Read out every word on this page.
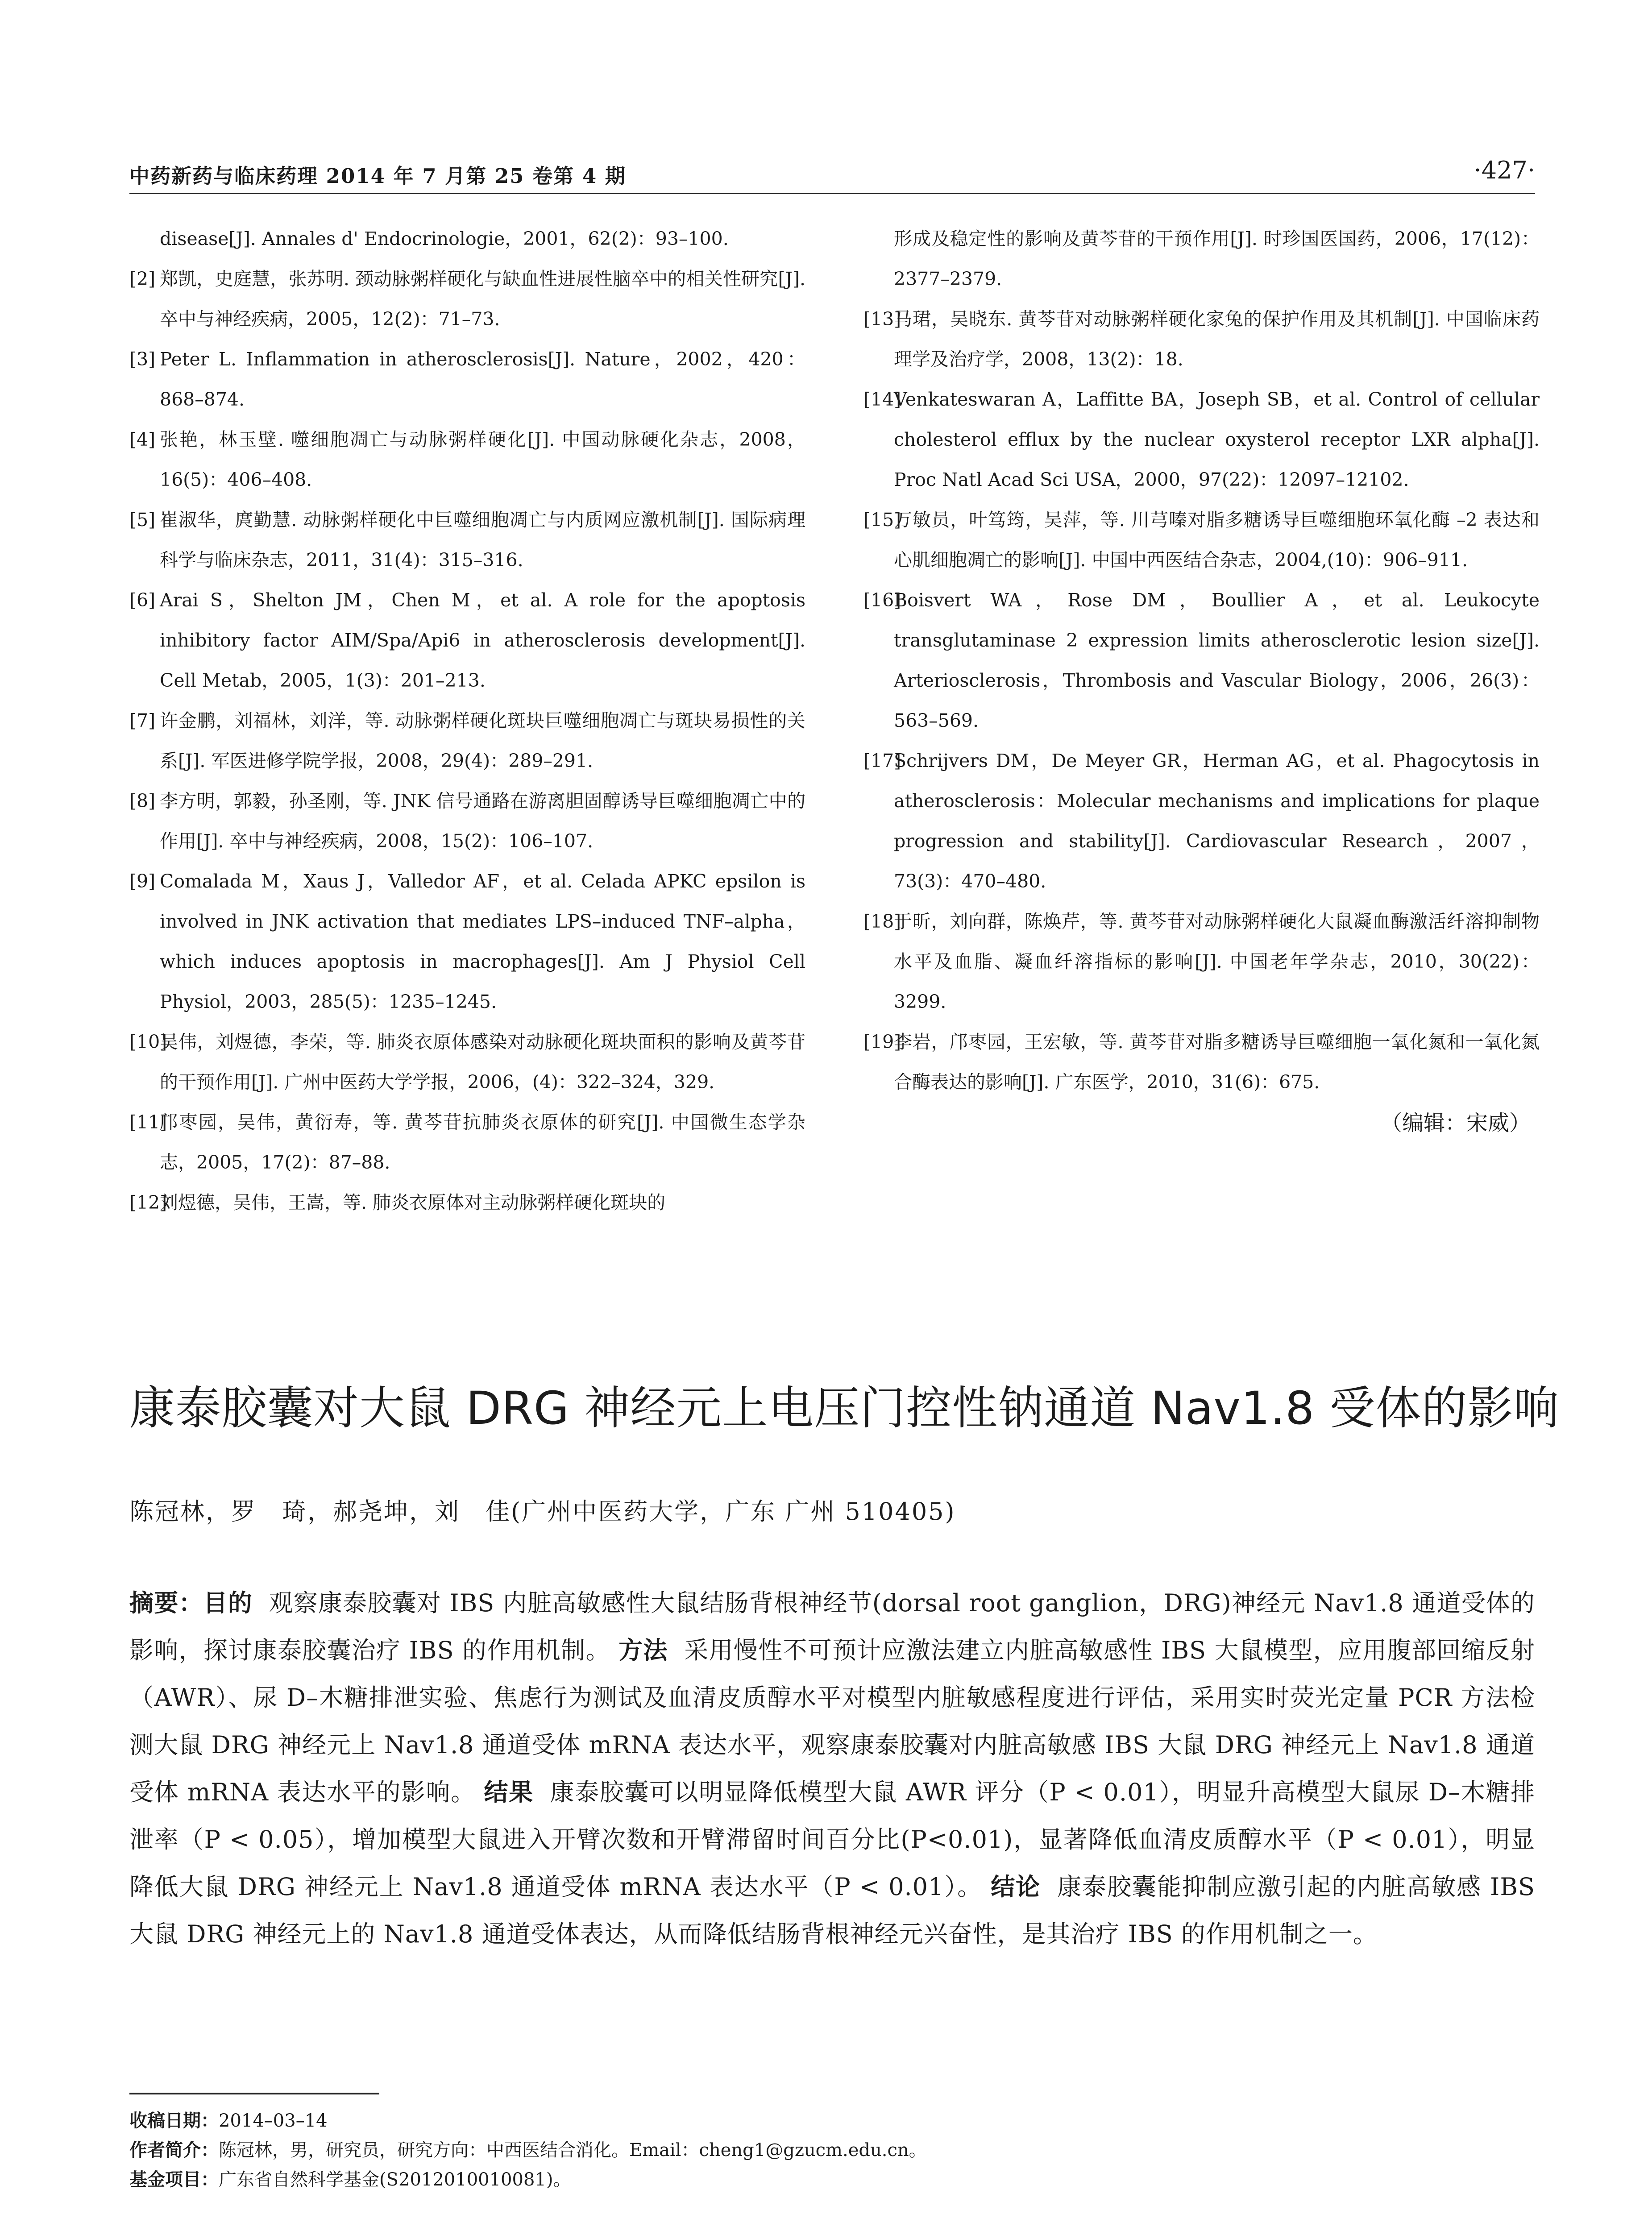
中药新药与临床药理 2014 年 7 月第 25 卷第 4 期	·427·
disease[J]. Annales d' Endocrinologie，2001，62(2)：93–100.
[2] 郑凯，史庭慧，张苏明. 颈动脉粥样硬化与缺血性进展性脑卒中的相关性研究[J]. 卒中与神经疾病，2005，12(2)：71–73.
[3] Peter L. Inflammation in atherosclerosis[J]. Nature，2002，420：868–874.
[4] 张艳，林玉壁. 噬细胞凋亡与动脉粥样硬化[J]. 中国动脉硬化杂志，2008，16(5)：406–408.
[5] 崔淑华，庹勤慧. 动脉粥样硬化中巨噬细胞凋亡与内质网应激机制[J]. 国际病理科学与临床杂志，2011，31(4)：315–316.
[6] Arai S，Shelton JM，Chen M，et al. A role for the apoptosis inhibitory factor AIM/Spa/Api6 in atherosclerosis development[J]. Cell Metab，2005，1(3)：201–213.
[7] 许金鹏，刘福林，刘洋，等. 动脉粥样硬化斑块巨噬细胞凋亡与斑块易损性的关系[J]. 军医进修学院学报，2008，29(4)：289–291.
[8] 李方明，郭毅，孙圣刚，等. JNK 信号通路在游离胆固醇诱导巨噬细胞凋亡中的作用[J]. 卒中与神经疾病，2008，15(2)：106–107.
[9] Comalada M，Xaus J，Valledor AF，et al. Celada APKC epsilon is involved in JNK activation that mediates LPS–induced TNF–alpha，which induces apoptosis in macrophages[J]. Am J Physiol Cell Physiol，2003，285(5)：1235–1245.
[10]
吴伟，刘煜德，李荣，等. 肺炎衣原体感染对动脉硬化斑块面积的影响及黄芩苷的干预作用[J]. 广州中医药大学学报，2006，(4)：322–324，329.
[11]
邝枣园，吴伟，黄衍寿，等. 黄芩苷抗肺炎衣原体的研究[J]. 中国微生态学杂志，2005，17(2)：87–88.
[12]
刘煜德，吴伟，王嵩，等. 肺炎衣原体对主动脉粥样硬化斑块的
形成及稳定性的影响及黄芩苷的干预作用[J]. 时珍国医国药，2006，17(12)：2377–2379.
[13]
马珺，吴晓东. 黄芩苷对动脉粥样硬化家兔的保护作用及其机制[J]. 中国临床药理学及治疗学，2008，13(2)：18.
[14]
Venkateswaran A，Laffitte BA，Joseph SB，et al. Control of cellular cholesterol efflux by the nuclear oxysterol receptor LXR alpha[J]. Proc Natl Acad Sci USA，2000，97(22)：12097–12102.
[15]
万敏员，叶笃筠，吴萍，等. 川芎嗪对脂多糖诱导巨噬细胞环氧化酶 –2 表达和心肌细胞凋亡的影响[J]. 中国中西医结合杂志，2004,(10)：906–911.
[16]
Boisvert WA，Rose DM，Boullier A，et al. Leukocyte transglutaminase 2 expression limits atherosclerotic lesion size[J]. Arteriosclerosis，Thrombosis and Vascular Biology，2006，26(3)：563–569.
[17]
Schrijvers DM，De Meyer GR，Herman AG，et al. Phagocytosis in atherosclerosis：Molecular mechanisms and implications for plaque progression and stability[J]. Cardiovascular Research，2007，73(3)：470–480.
[18]
于昕，刘向群，陈焕芹，等. 黄芩苷对动脉粥样硬化大鼠凝血酶激活纤溶抑制物水平及血脂、凝血纤溶指标的影响[J]. 中国老年学杂志，2010，30(22)：3299.
[19]
李岩，邝枣园，王宏敏，等. 黄芩苷对脂多糖诱导巨噬细胞一氧化氮和一氧化氮合酶表达的影响[J]. 广东医学，2010，31(6)：675.
（编辑：宋威）
康泰胶囊对大鼠 DRG 神经元上电压门控性钠通道 Nav1.8 受体的影响
陈冠林，罗　琦，郝尧坤，刘　佳(广州中医药大学，广东 广州 510405)
摘要：目的 观察康泰胶囊对 IBS 内脏高敏感性大鼠结肠背根神经节(dorsal root ganglion，DRG)神经元 Nav1.8 通道受体的影响，探讨康泰胶囊治疗 IBS 的作用机制。 方法 采用慢性不可预计应激法建立内脏高敏感性 IBS 大鼠模型，应用腹部回缩反射（AWR）、尿 D–木糖排泄实验、焦虑行为测试及血清皮质醇水平对模型内脏敏感程度进行评估，采用实时荧光定量 PCR 方法检测大鼠 DRG 神经元上 Nav1.8 通道受体 mRNA 表达水平，观察康泰胶囊对内脏高敏感 IBS 大鼠 DRG 神经元上 Nav1.8 通道受体 mRNA 表达水平的影响。 结果 康泰胶囊可以明显降低模型大鼠 AWR 评分（P < 0.01），明显升高模型大鼠尿 D–木糖排泄率（P < 0.05），增加模型大鼠进入开臂次数和开臂滞留时间百分比(P<0.01)，显著降低血清皮质醇水平（P < 0.01），明显降低大鼠 DRG 神经元上 Nav1.8 通道受体 mRNA 表达水平（P < 0.01）。 结论 康泰胶囊能抑制应激引起的内脏高敏感 IBS 大鼠 DRG 神经元上的 Nav1.8 通道受体表达，从而降低结肠背根神经元兴奋性，是其治疗 IBS 的作用机制之一。
收稿日期：2014–03–14
作者简介：陈冠林，男，研究员，研究方向：中西医结合消化。Email：cheng1@gzucm.edu.cn。
基金项目：广东省自然科学基金(S2012010010081)。
